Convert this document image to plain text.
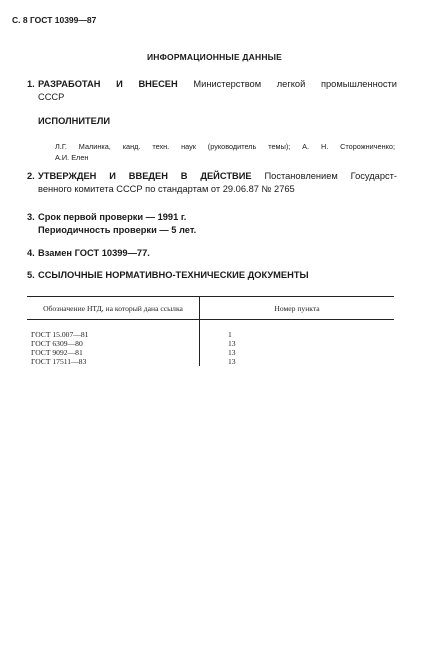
С. 8 ГОСТ 10399—87
ИНФОРМАЦИОННЫЕ ДАННЫЕ
1. РАЗРАБОТАН И ВНЕСЕН Министерством легкой промышленности
СССР
ИСПОЛНИТЕЛИ
Л.Г. Малинка, канд. техн. наук (руководитель темы); А. Н. Сторожниченко;
А.И. Елен
2. УТВЕРЖДЕН И ВВЕДЕН В ДЕЙСТВИЕ Постановлением Государст-
венного комитета СССР по стандартам от 29.06.87 № 2765
3. Срок первой проверки — 1991 г.
Периодичность проверки — 5 лет.
4. Взамен ГОСТ 10399—77.
5. ССЫЛОЧНЫЕ НОРМАТИВНО-ТЕХНИЧЕСКИЕ ДОКУМЕНТЫ
Обозначение НТД, на который дана ссылка	Номер пункта
ГОСТ 15.007—81	1
ГОСТ 6309—80	13
ГОСТ 9092—81	13
ГОСТ 17511—83	13
